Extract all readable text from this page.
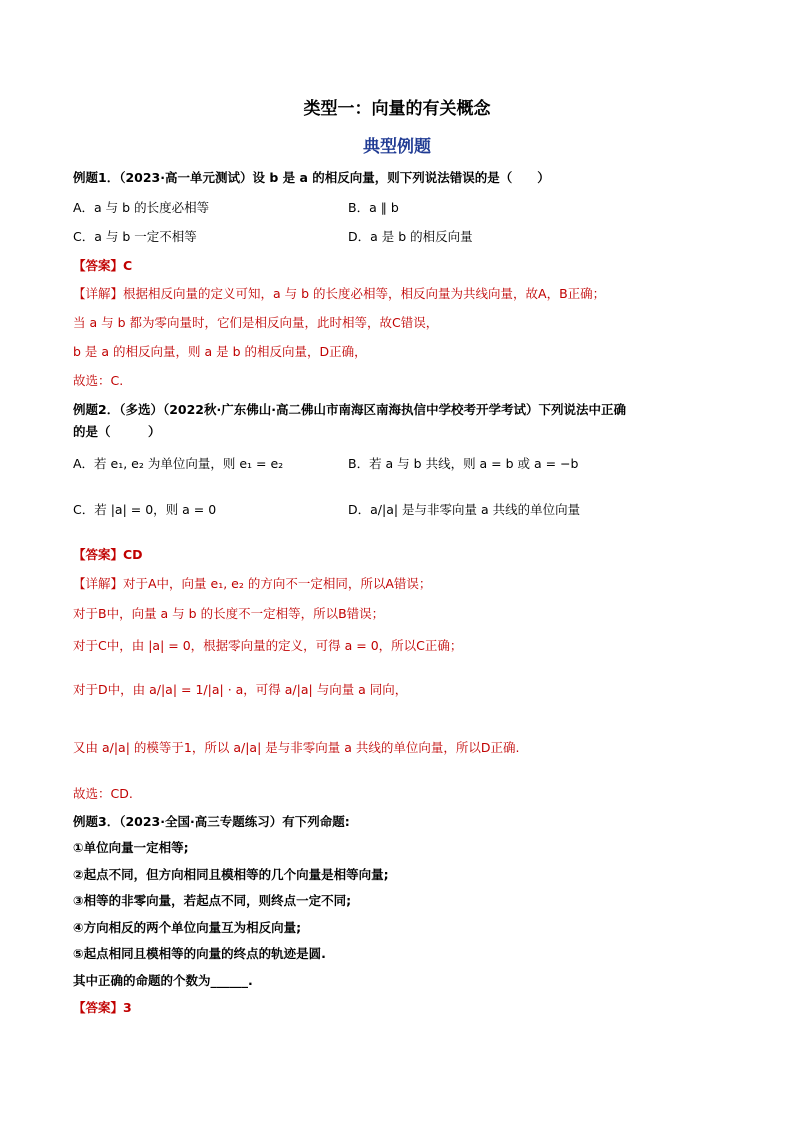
类型一：向量的有关概念
典型例题
例题1．（2023·高一单元测试）设 b 是 a 的相反向量，则下列说法错误的是（　　）
A．a 与 b 的长度必相等	B．a ∥ b
C．a 与 b 一定不相等	D．a 是 b 的相反向量
【答案】C
【详解】根据相反向量的定义可知，a 与 b 的长度必相等，相反向量为共线向量，故A，B正确；
当 a 与 b 都为零向量时，它们是相反向量，此时相等，故C错误，
b 是 a 的相反向量，则 a 是 b 的相反向量，D正确，
故选：C.
例题2．（多选）（2022秋·广东佛山·高二佛山市南海区南海执信中学校考开学考试）下列说法中正确
的是（　　　）
A．若 e₁, e₂ 为单位向量，则 e₁ = e₂	B．若 a 与 b 共线，则 a = b 或 a = −b
C．若 |a| = 0，则 a = 0	D．a/|a| 是与非零向量 a 共线的单位向量
【答案】CD
【详解】对于A中，向量 e₁, e₂ 的方向不一定相同，所以A错误；
对于B中，向量 a 与 b 的长度不一定相等，所以B错误；
对于C中，由 |a| = 0，根据零向量的定义，可得 a = 0，所以C正确；
对于D中，由 a/|a| = 1/|a| · a，可得 a/|a| 与向量 a 同向，
又由 a/|a| 的模等于1，所以 a/|a| 是与非零向量 a 共线的单位向量，所以D正确.
故选：CD.
例题3．（2023·全国·高三专题练习）有下列命题:
①单位向量一定相等;
②起点不同，但方向相同且模相等的几个向量是相等向量;
③相等的非零向量，若起点不同，则终点一定不同;
④方向相反的两个单位向量互为相反向量;
⑤起点相同且模相等的向量的终点的轨迹是圆.
其中正确的命题的个数为______.
【答案】3
